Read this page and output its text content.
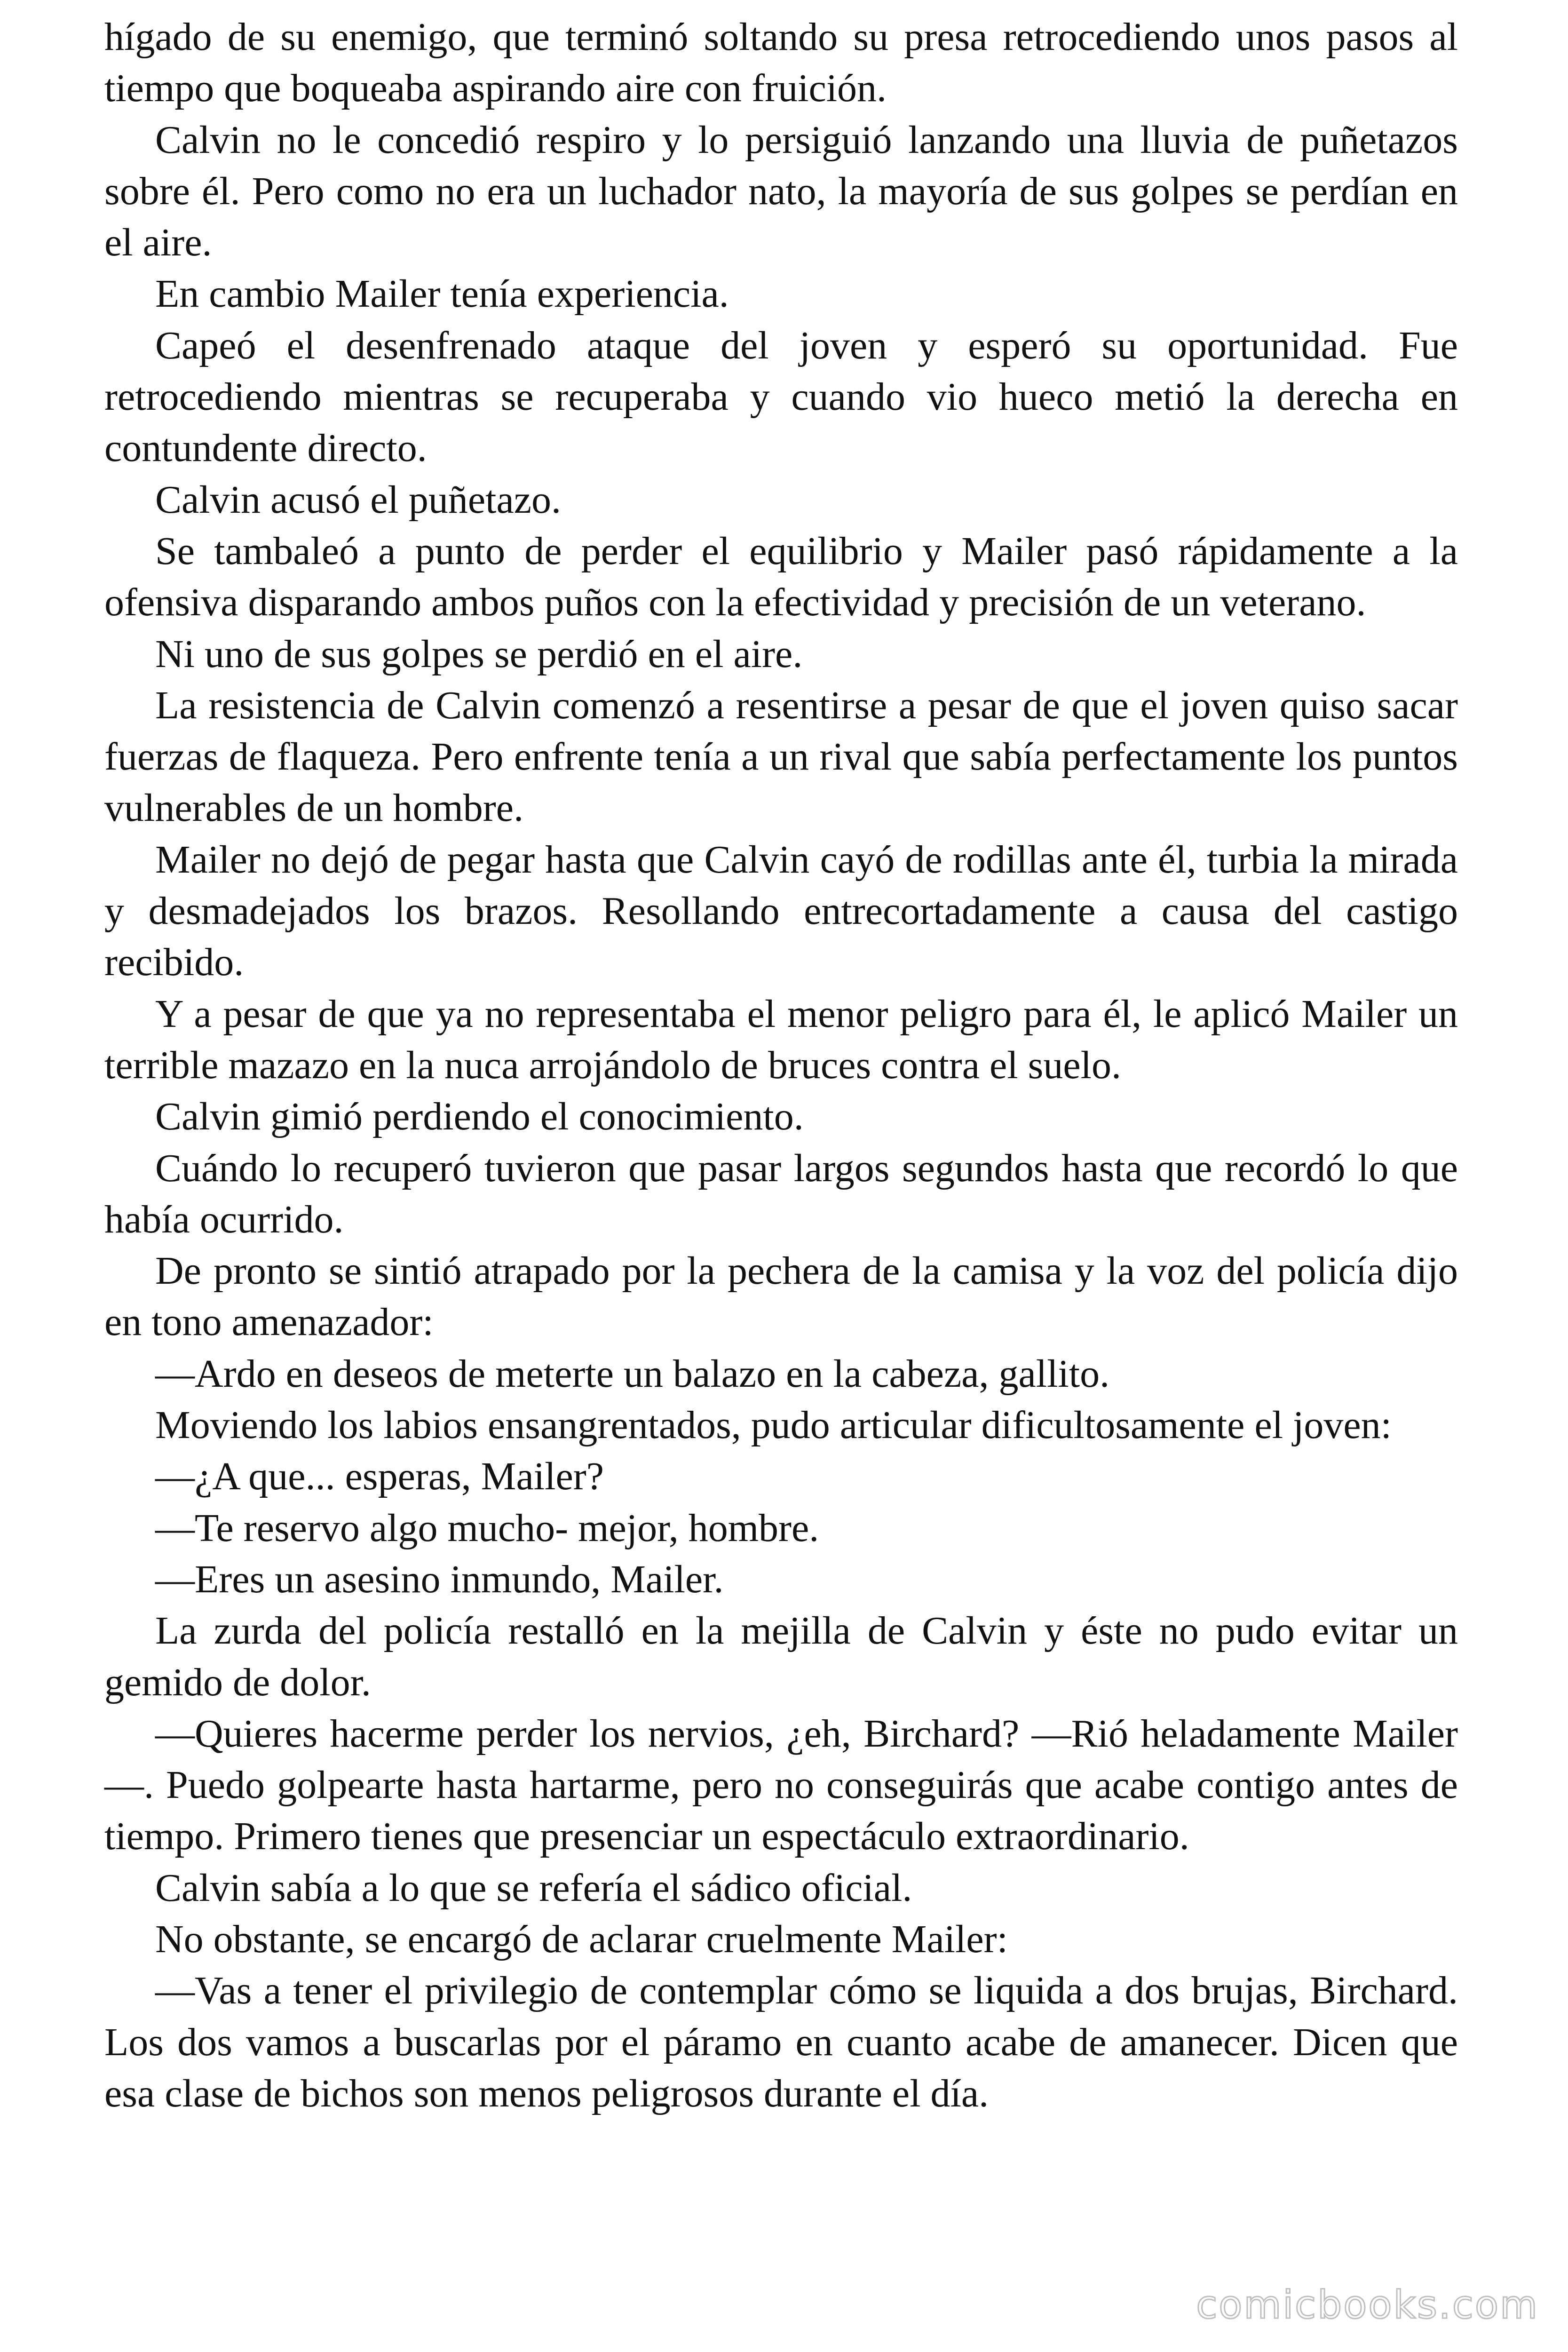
hígado de su enemigo, que terminó soltando su presa retrocediendo unos pasos al tiempo que boqueaba aspirando aire con fruición.

Calvin no le concedió respiro y lo persiguió lanzando una lluvia de puñetazos sobre él. Pero como no era un luchador nato, la mayoría de sus golpes se perdían en el aire.

En cambio Mailer tenía experiencia.

Capeó el desenfrenado ataque del joven y esperó su oportunidad. Fue retrocediendo mientras se recuperaba y cuando vio hueco metió la derecha en contundente directo.

Calvin acusó el puñetazo.

Se tambaleó a punto de perder el equilibrio y Mailer pasó rápidamente a la ofensiva disparando ambos puños con la efectividad y precisión de un veterano.

Ni uno de sus golpes se perdió en el aire.

La resistencia de Calvin comenzó a resentirse a pesar de que el joven quiso sacar fuerzas de flaqueza. Pero enfrente tenía a un rival que sabía perfectamente los puntos vulnerables de un hombre.

Mailer no dejó de pegar hasta que Calvin cayó de rodillas ante él, turbia la mirada y desmadejados los brazos. Resollando entrecortadamente a causa del castigo recibido.

Y a pesar de que ya no representaba el menor peligro para él, le aplicó Mailer un terrible mazazo en la nuca arrojándolo de bruces contra el suelo.

Calvin gimió perdiendo el conocimiento.

Cuándo lo recuperó tuvieron que pasar largos segundos hasta que recordó lo que había ocurrido.

De pronto se sintió atrapado por la pechera de la camisa y la voz del policía dijo en tono amenazador:

—Ardo en deseos de meterte un balazo en la cabeza, gallito.

Moviendo los labios ensangrentados, pudo articular dificultosamente el joven:

—¿A que... esperas, Mailer?

—Te reservo algo mucho- mejor, hombre.

—Eres un asesino inmundo, Mailer.

La zurda del policía restalló en la mejilla de Calvin y éste no pudo evitar un gemido de dolor.

—Quieres hacerme perder los nervios, ¿eh, Birchard? —Rió heladamente Mailer—. Puedo golpearte hasta hartarme, pero no conseguirás que acabe contigo antes de tiempo. Primero tienes que presenciar un espectáculo extraordinario.

Calvin sabía a lo que se refería el sádico oficial.

No obstante, se encargó de aclarar cruelmente Mailer:

—Vas a tener el privilegio de contemplar cómo se liquida a dos brujas, Birchard. Los dos vamos a buscarlas por el páramo en cuanto acabe de amanecer. Dicen que esa clase de bichos son menos peligrosos durante el día.

comicbooks.com
